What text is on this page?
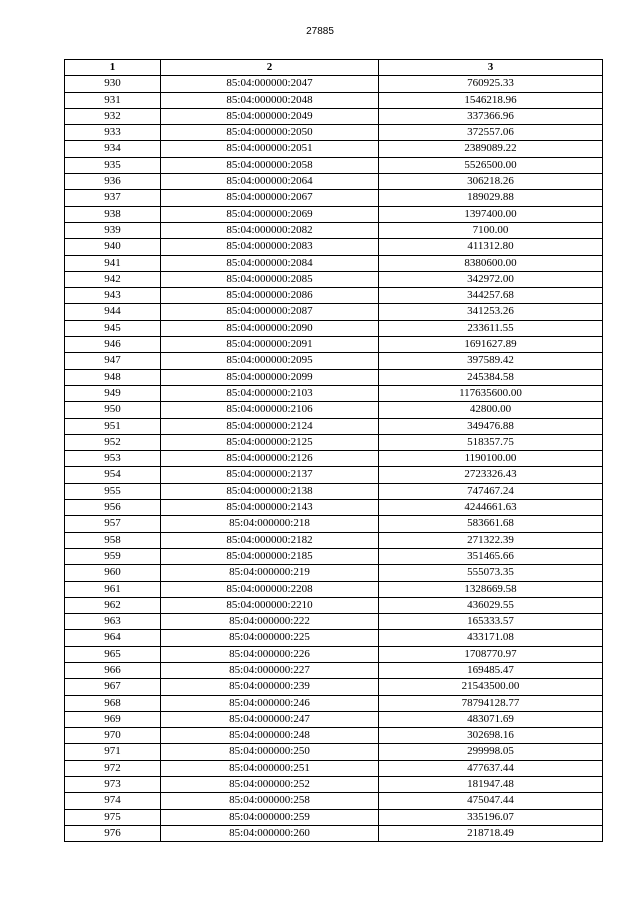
27885
1	2	3
930	85:04:000000:2047	760925.33
931	85:04:000000:2048	1546218.96
932	85:04:000000:2049	337366.96
933	85:04:000000:2050	372557.06
934	85:04:000000:2051	2389089.22
935	85:04:000000:2058	5526500.00
936	85:04:000000:2064	306218.26
937	85:04:000000:2067	189029.88
938	85:04:000000:2069	1397400.00
939	85:04:000000:2082	7100.00
940	85:04:000000:2083	411312.80
941	85:04:000000:2084	8380600.00
942	85:04:000000:2085	342972.00
943	85:04:000000:2086	344257.68
944	85:04:000000:2087	341253.26
945	85:04:000000:2090	233611.55
946	85:04:000000:2091	1691627.89
947	85:04:000000:2095	397589.42
948	85:04:000000:2099	245384.58
949	85:04:000000:2103	117635600.00
950	85:04:000000:2106	42800.00
951	85:04:000000:2124	349476.88
952	85:04:000000:2125	518357.75
953	85:04:000000:2126	1190100.00
954	85:04:000000:2137	2723326.43
955	85:04:000000:2138	747467.24
956	85:04:000000:2143	4244661.63
957	85:04:000000:218	583661.68
958	85:04:000000:2182	271322.39
959	85:04:000000:2185	351465.66
960	85:04:000000:219	555073.35
961	85:04:000000:2208	1328669.58
962	85:04:000000:2210	436029.55
963	85:04:000000:222	165333.57
964	85:04:000000:225	433171.08
965	85:04:000000:226	1708770.97
966	85:04:000000:227	169485.47
967	85:04:000000:239	21543500.00
968	85:04:000000:246	78794128.77
969	85:04:000000:247	483071.69
970	85:04:000000:248	302698.16
971	85:04:000000:250	299998.05
972	85:04:000000:251	477637.44
973	85:04:000000:252	181947.48
974	85:04:000000:258	475047.44
975	85:04:000000:259	335196.07
976	85:04:000000:260	218718.49
